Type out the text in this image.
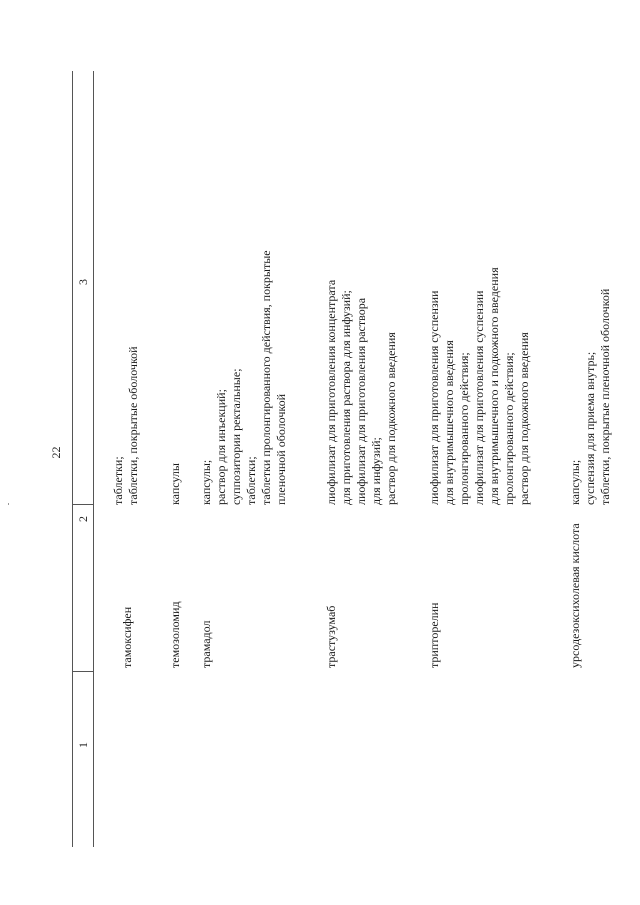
22
1
2
3
тамоксифен
таблетки; таблетки, покрытые оболочкой
темозоломид
капсулы
трамадол
капсулы; раствор для инъекций; суппозитории ректальные; таблетки; таблетки пролонгированного действия, покрытые пленочной оболочкой
трастузумаб
лиофилизат для приготовления концентрата для приготовления раствора для инфузий; лиофилизат для приготовления раствора для инфузий; раствор для подкожного введения
трипторелин
лиофилизат для приготовления суспензии для внутримышечного введения пролонгированного действия; лиофилизат для приготовления суспензии для внутримышечного и подкожного введения пролонгированного действия; раствор для подкожного введения
урсодезоксихолевая кислота
капсулы; суспензия для приема внутрь; таблетки, покрытые пленочной оболочкой
